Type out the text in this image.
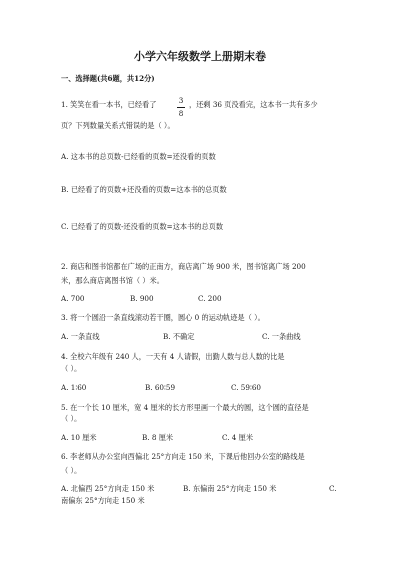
小学六年级数学上册期末卷
一、选择题(共6题，共12分)
1. 笑笑在看一本书，已经看了	3
8
，还剩 36 页没看完，这本书一共有多少
页？下列数量关系式错误的是（ ）。
A. 这本书的总页数-已经看的页数=还没看的页数
B. 已经看了的页数+还没看的页数=这本书的总页数
C. 已经看了的页数-还没看的页数=这本书的总页数
2. 商店和图书馆都在广场的正南方，商店离广场 900 米，图书馆离广场 200
米，那么商店离图书馆（ ）米。
A. 700	B. 900	C. 200
3. 将一个圆沿一条直线滚动若干圈，圆心 0 的运动轨迹是（ ）。
A. 一条直线	B. 不确定	C. 一条曲线
4. 全校六年级有 240 人，一天有 4 人请假，出勤人数与总人数的比是
（ ）。
A. 1∶60	B. 60∶59	C. 59∶60
5. 在一个长 10 厘米，宽 4 厘米的长方形里画一个最大的圆，这个圆的直径是
（ ）。
A. 10 厘米	B. 8 厘米	C. 4 厘米
6. 李老师从办公室向西偏北 25°方向走 150 米，下课后他回办公室的路线是
（ ）。
A. 北偏西 25°方向走 150 米	B. 东偏南 25°方向走 150 米	C.
南偏东 25°方向走 150 米
